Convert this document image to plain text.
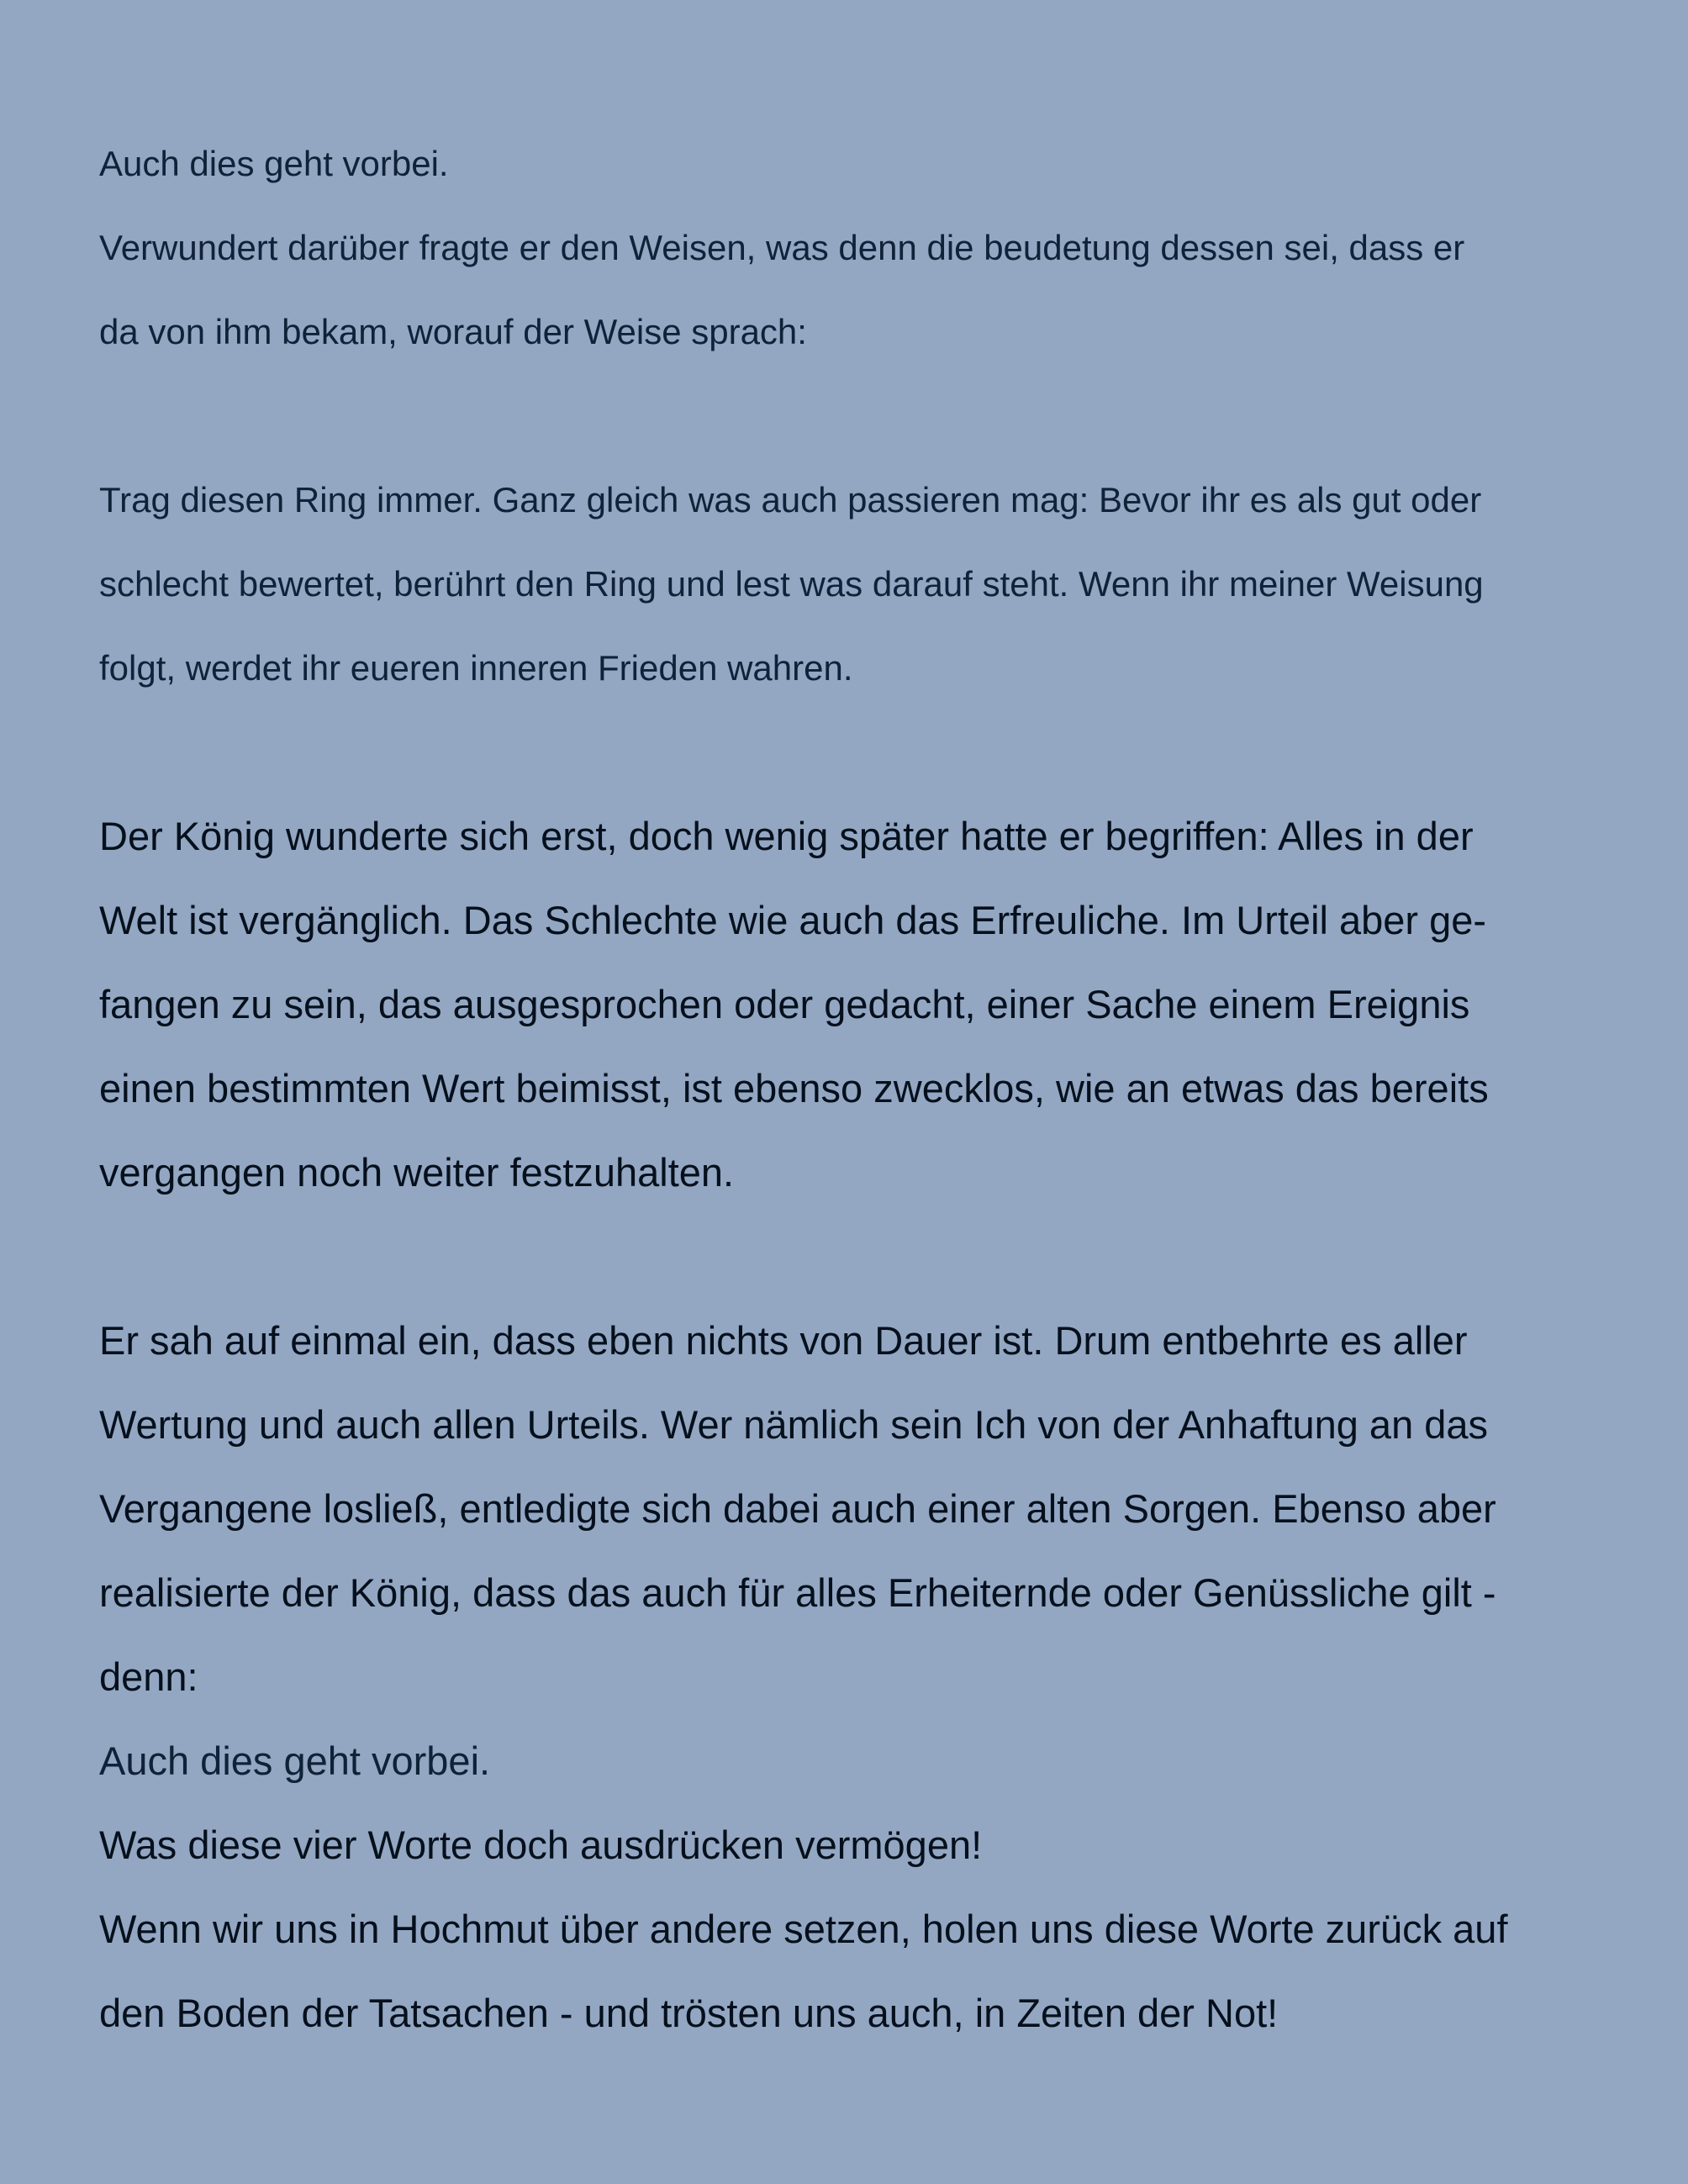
Auch dies geht vorbei.
Verwundert darüber fragte er den Weisen, was denn die beudetung dessen sei, dass er
da von ihm bekam, worauf der Weise sprach:
Trag diesen Ring immer. Ganz gleich was auch passieren mag: Bevor ihr es als gut oder
schlecht bewertet, berührt den Ring und lest was darauf steht. Wenn ihr meiner Weisung
folgt, werdet ihr eueren inneren Frieden wahren.
Der König wunderte sich erst, doch wenig später hatte er begriffen: Alles in der
Welt ist vergänglich. Das Schlechte wie auch das Erfreuliche. Im Urteil aber ge-
fangen zu sein, das ausgesprochen oder gedacht, einer Sache einem Ereignis
einen bestimmten Wert beimisst, ist ebenso zwecklos, wie an etwas das bereits
vergangen noch weiter festzuhalten.
Er sah auf einmal ein, dass eben nichts von Dauer ist. Drum entbehrte es aller
Wertung und auch allen Urteils. Wer nämlich sein Ich von der Anhaftung an das
Vergangene losließ, entledigte sich dabei auch einer alten Sorgen. Ebenso aber
realisierte der König, dass das auch für alles Erheiternde oder Genüssliche gilt -
denn:
Auch dies geht vorbei.
Was diese vier Worte doch ausdrücken vermögen!
Wenn wir uns in Hochmut über andere setzen, holen uns diese Worte zurück auf
den Boden der Tatsachen - und trösten uns auch, in Zeiten der Not!
